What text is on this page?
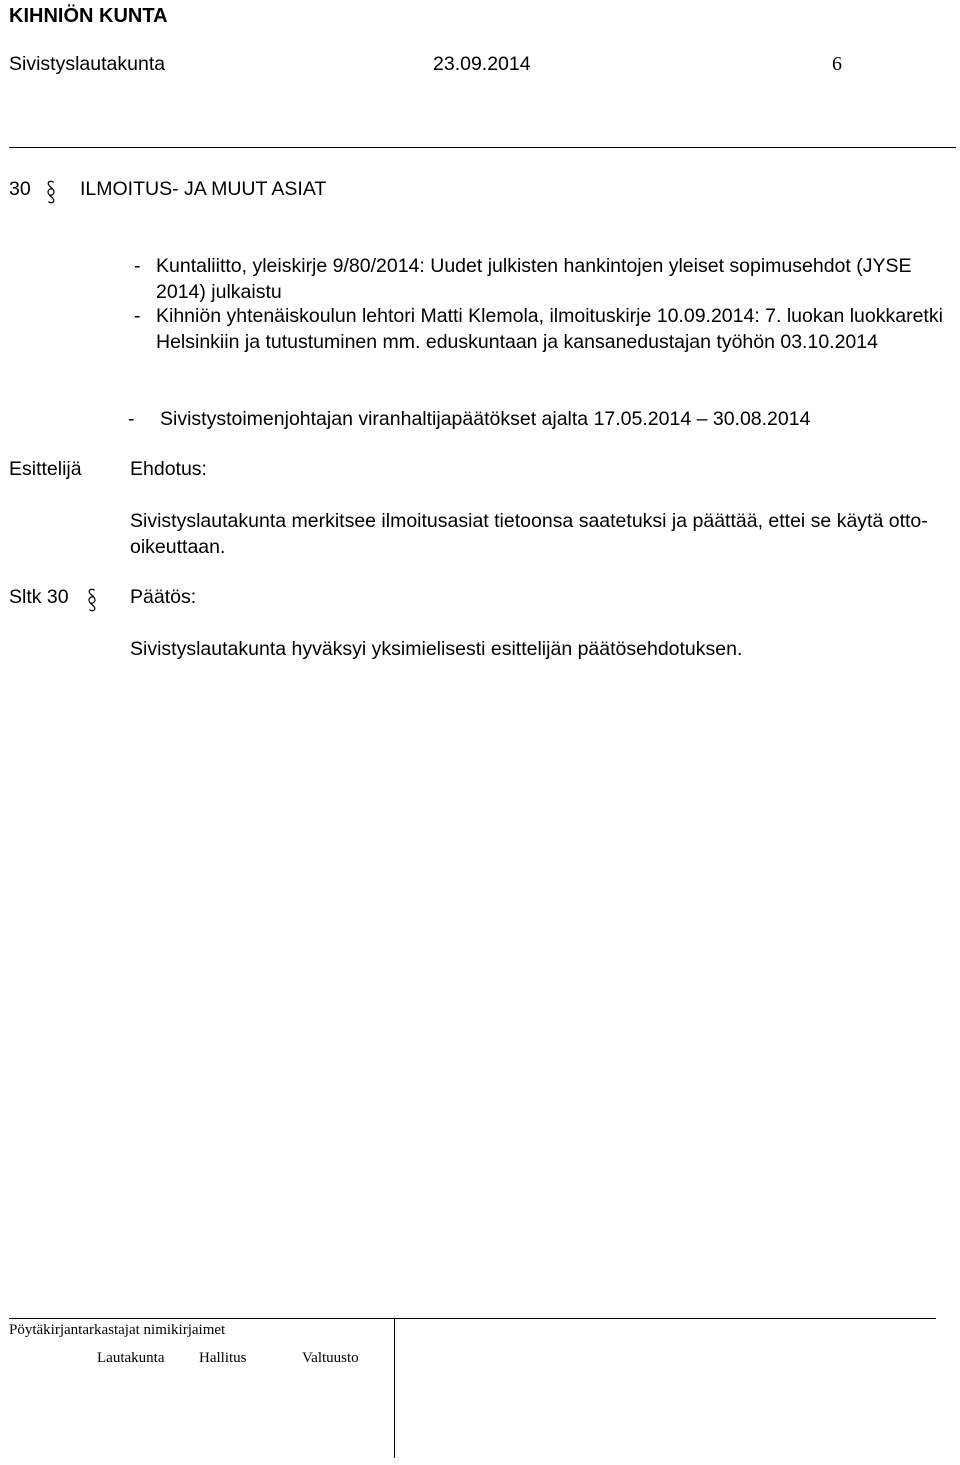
KIHNIÖN KUNTA
Sivistyslautakunta	23.09.2014	6
30	ILMOITUS- JA MUUT ASIAT
- Kuntaliitto, yleiskirje 9/80/2014: Uudet julkisten hankintojen yleiset sopimusehdot (JYSE 2014) julkaistu
- Kihniön yhtenäiskoulun lehtori Matti Klemola, ilmoituskirje 10.09.2014: 7. luokan luokkaretki Helsinkiin ja tutustuminen mm. eduskuntaan ja kansanedustajan työhön 03.10.2014
- Sivistystoimenjohtajan viranhaltijapäätökset ajalta 17.05.2014 – 30.08.2014
Esittelijä Ehdotus:
Sivistyslautakunta merkitsee ilmoitusasiat tietoonsa saatetuksi ja päättää, ettei se käytä otto-oikeuttaan.
Sltk 30	Päätös:
Sivistyslautakunta hyväksyi yksimielisesti esittelijän päätösehdotuksen.
Pöytäkirjantarkastajat nimikirjaimet
Lautakunta Hallitus	Valtuusto
